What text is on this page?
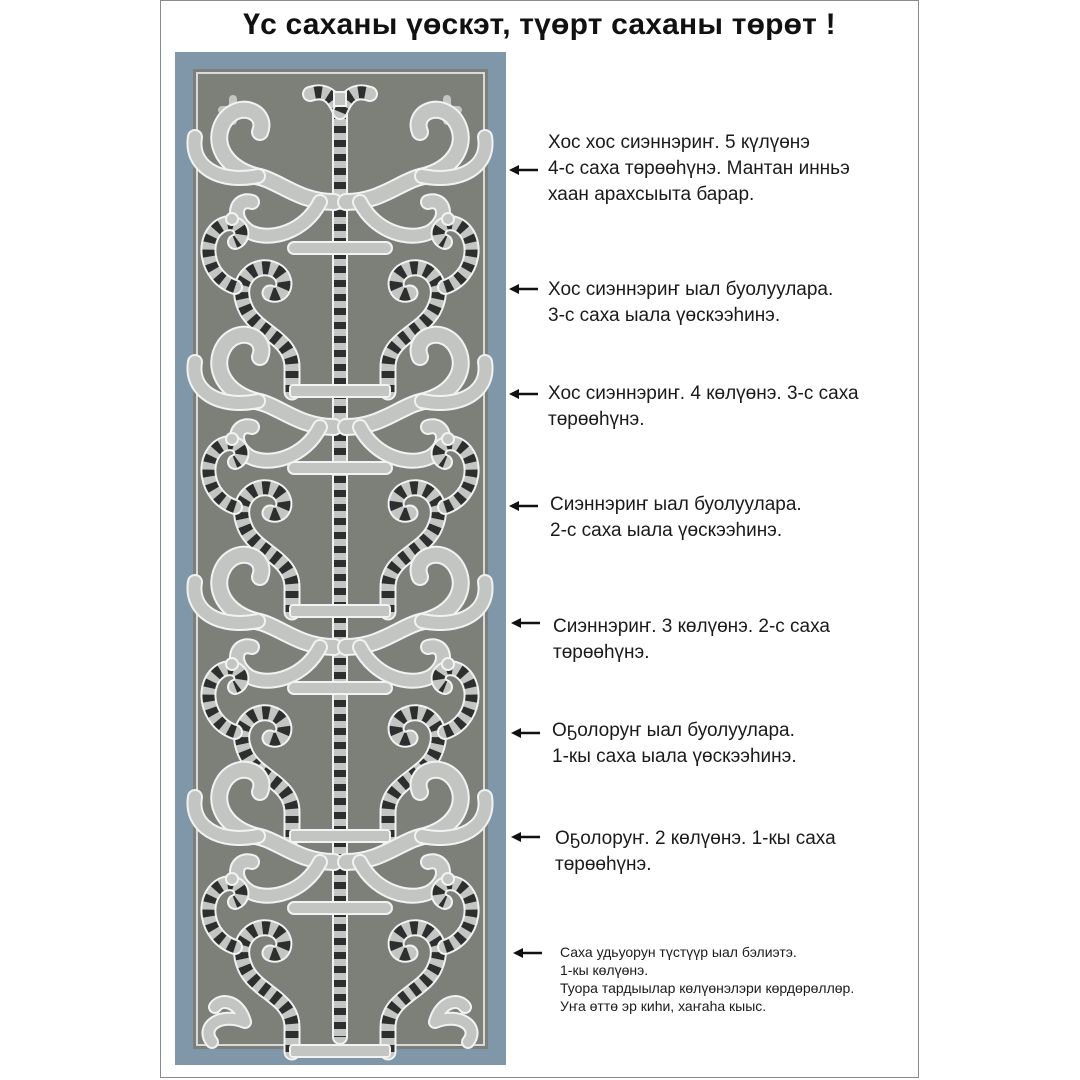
Үс саханы үөскэт, түөрт саханы төрөт !
Хос хос сиэннэриҥ. 5 күлүөнэ
4-с саха төрөөһүнэ. Мантан инньэ
хаан арахсыыта барар.
Хос сиэннэриҥ ыал буолуулара.
3-с саха ыала үөскээһинэ.
Хос сиэннэриҥ. 4 көлүөнэ. 3-с саха
төрөөһүнэ.
Сиэннэриҥ ыал буолуулара.
2-с саха ыала үөскээһинэ.
Сиэннэриҥ. 3 көлүөнэ. 2-с саха
төрөөһүнэ.
Оҕолоруҥ ыал буолуулара.
1-кы саха ыала үөскээһинэ.
Оҕолоруҥ. 2 көлүөнэ. 1-кы саха
төрөөһүнэ.
Саха удьуорун түстүүр ыал бэлиэтэ.
1-кы көлүөнэ.
Туора тардыылар көлүөнэлэри көрдөрөллөр.
Уҥа өттө эр киһи, хаҥаһа кыыс.
